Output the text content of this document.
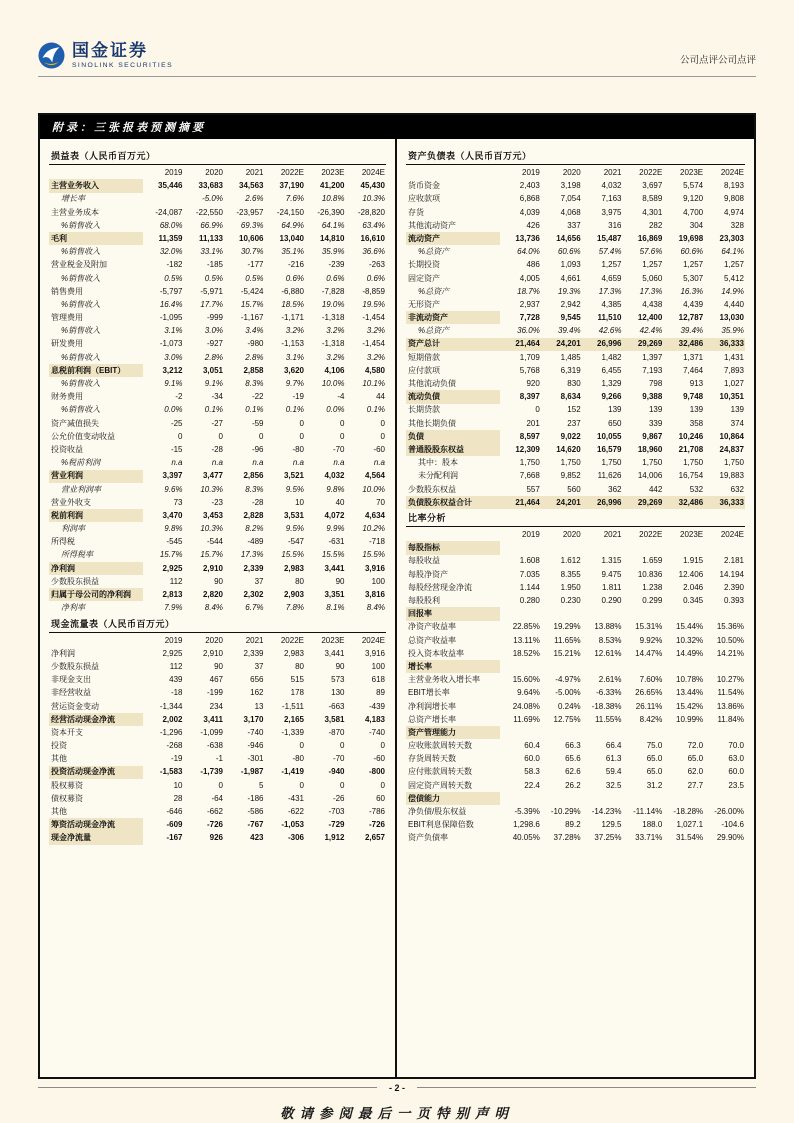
国金证券
SINOLINK SECURITIES	公司点评公司点评
附录：三张报表预测摘要
损益表（人民币百万元）
	2019	2020	2021	2022E	2023E	2024E
主营业务收入	35,446	33,683	34,563	37,190	41,200	45,430
增长率		-5.0%	2.6%	7.6%	10.8%	10.3%
主营业务成本	-24,087	-22,550	-23,957	-24,150	-26,390	-28,820
%销售收入	68.0%	66.9%	69.3%	64.9%	64.1%	63.4%
毛利	11,359	11,133	10,606	13,040	14,810	16,610
%销售收入	32.0%	33.1%	30.7%	35.1%	35.9%	36.6%
营业税金及附加	-182	-185	-177	-216	-239	-263
%销售收入	0.5%	0.5%	0.5%	0.6%	0.6%	0.6%
销售费用	-5,797	-5,971	-5,424	-6,880	-7,828	-8,859
%销售收入	16.4%	17.7%	15.7%	18.5%	19.0%	19.5%
管理费用	-1,095	-999	-1,167	-1,171	-1,318	-1,454
%销售收入	3.1%	3.0%	3.4%	3.2%	3.2%	3.2%
研发费用	-1,073	-927	-980	-1,153	-1,318	-1,454
%销售收入	3.0%	2.8%	2.8%	3.1%	3.2%	3.2%
息税前利润（EBIT）	3,212	3,051	2,858	3,620	4,106	4,580
%销售收入	9.1%	9.1%	8.3%	9.7%	10.0%	10.1%
财务费用	-2	-34	-22	-19	-4	44
%销售收入	0.0%	0.1%	0.1%	0.1%	0.0%	0.1%
资产减值损失	-25	-27	-59	0	0	0
公允价值变动收益	0	0	0	0	0	0
投资收益	-15	-28	-96	-80	-70	-60
%税前利润	n.a	n.a	n.a	n.a	n.a	n.a
营业利润	3,397	3,477	2,856	3,521	4,032	4,564
营业利润率	9.6%	10.3%	8.3%	9.5%	9.8%	10.0%
营业外收支	73	-23	-28	10	40	70
税前利润	3,470	3,453	2,828	3,531	4,072	4,634
利润率	9.8%	10.3%	8.2%	9.5%	9.9%	10.2%
所得税	-545	-544	-489	-547	-631	-718
所得税率	15.7%	15.7%	17.3%	15.5%	15.5%	15.5%
净利润	2,925	2,910	2,339	2,983	3,441	3,916
少数股东损益	112	90	37	80	90	100
归属于母公司的净利润	2,813	2,820	2,302	2,903	3,351	3,816
净利率	7.9%	8.4%	6.7%	7.8%	8.1%	8.4%
现金流量表（人民币百万元）
	2019	2020	2021	2022E	2023E	2024E
净利润	2,925	2,910	2,339	2,983	3,441	3,916
少数股东损益	112	90	37	80	90	100
非现金支出	439	467	656	515	573	618
非经营收益	-18	-199	162	178	130	89
营运资金变动	-1,344	234	13	-1,511	-663	-439
经营活动现金净流	2,002	3,411	3,170	2,165	3,581	4,183
资本开支	-1,296	-1,099	-740	-1,339	-870	-740
投资	-268	-638	-946	0	0	0
其他	-19	-1	-301	-80	-70	-60
投资活动现金净流	-1,583	-1,739	-1,987	-1,419	-940	-800
股权募资	10	0	5	0	0	0
债权募资	28	-64	-186	-431	-26	60
其他	-646	-662	-586	-622	-703	-786
筹资活动现金净流	-609	-726	-767	-1,053	-729	-726
现金净流量	-167	926	423	-306	1,912	2,657
资产负债表（人民币百万元）
	2019	2020	2021	2022E	2023E	2024E
货币资金	2,403	3,198	4,032	3,697	5,574	8,193
应收款项	6,868	7,054	7,163	8,589	9,120	9,808
存货	4,039	4,068	3,975	4,301	4,700	4,974
其他流动资产	426	337	316	282	304	328
流动资产	13,736	14,656	15,487	16,869	19,698	23,303
%总资产	64.0%	60.6%	57.4%	57.6%	60.6%	64.1%
长期投资	486	1,093	1,257	1,257	1,257	1,257
固定资产	4,005	4,661	4,659	5,060	5,307	5,412
%总资产	18.7%	19.3%	17.3%	17.3%	16.3%	14.9%
无形资产	2,937	2,942	4,385	4,438	4,439	4,440
非流动资产	7,728	9,545	11,510	12,400	12,787	13,030
%总资产	36.0%	39.4%	42.6%	42.4%	39.4%	35.9%
资产总计	21,464	24,201	26,996	29,269	32,486	36,333
短期借款	1,709	1,485	1,482	1,397	1,371	1,431
应付款项	5,768	6,319	6,455	7,193	7,464	7,893
其他流动负债	920	830	1,329	798	913	1,027
流动负债	8,397	8,634	9,266	9,388	9,748	10,351
长期贷款	0	152	139	139	139	139
其他长期负债	201	237	650	339	358	374
负债	8,597	9,022	10,055	9,867	10,246	10,864
普通股股东权益	12,309	14,620	16,579	18,960	21,708	24,837
其中：股本	1,750	1,750	1,750	1,750	1,750	1,750
未分配利润	7,668	9,852	11,626	14,006	16,754	19,883
少数股东权益	557	560	362	442	532	632
负债股东权益合计	21,464	24,201	26,996	29,269	32,486	36,333
比率分析
	2019	2020	2021	2022E	2023E	2024E
每股指标						
每股收益	1.608	1.612	1.315	1.659	1.915	2.181
每股净资产	7.035	8.355	9.475	10.836	12.406	14.194
每股经营现金净流	1.144	1.950	1.811	1.238	2.046	2.390
每股股利	0.280	0.230	0.290	0.299	0.345	0.393
回报率						
净资产收益率	22.85%	19.29%	13.88%	15.31%	15.44%	15.36%
总资产收益率	13.11%	11.65%	8.53%	9.92%	10.32%	10.50%
投入资本收益率	18.52%	15.21%	12.61%	14.47%	14.49%	14.21%
增长率						
主营业务收入增长率	15.60%	-4.97%	2.61%	7.60%	10.78%	10.27%
EBIT增长率	9.64%	-5.00%	-6.33%	26.65%	13.44%	11.54%
净利润增长率	24.08%	0.24%	-18.38%	26.11%	15.42%	13.86%
总资产增长率	11.69%	12.75%	11.55%	8.42%	10.99%	11.84%
资产管理能力						
应收账款周转天数	60.4	66.3	66.4	75.0	72.0	70.0
存货周转天数	60.0	65.6	61.3	65.0	65.0	63.0
应付账款周转天数	58.3	62.6	59.4	65.0	62.0	60.0
固定资产周转天数	22.4	26.2	32.5	31.2	27.7	23.5
偿债能力						
净负债/股东权益	-5.39%	-10.29%	-14.23%	-11.14%	-18.28%	-26.00%
EBIT利息保障倍数	1,298.6	89.2	129.5	188.0	1,027.1	-104.6
资产负债率	40.05%	37.28%	37.25%	33.71%	31.54%	29.90%
- 2 -
敬请参阅最后一页特别声明
